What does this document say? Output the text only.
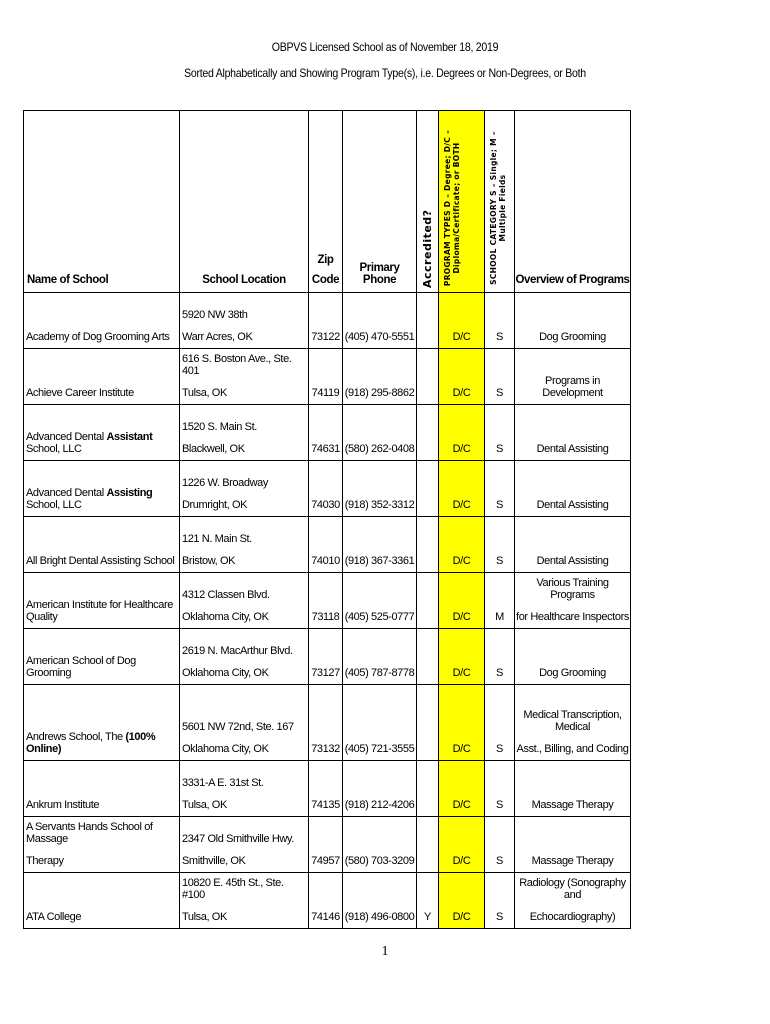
OBPVS Licensed School as of November 18, 2019
Sorted Alphabetically and Showing Program Type(s), i.e. Degrees or Non-Degrees, or Both
Name of School	School Location	Zip
Code	Primary Phone	Accredited?	PROGRAM TYPES D – Degree; D/C – Diploma/Certificate; or BOTH	SCHOOL CATEGORY S – Single; M – Multiple Fields	Overview of Programs
Academy of Dog Grooming Arts	5920 NW 38th
Warr Acres, OK	73122	(405) 470-5551		D/C	S	Dog Grooming

Achieve Career Institute	616 S. Boston Ave., Ste. 401
Tulsa, OK	74119	(918) 295-8862		D/C	S	Programs in Development

Advanced Dental Assistant School, LLC	1520 S. Main St.
Blackwell, OK	74631	(580) 262-0408		D/C	S	Dental Assisting

Advanced Dental Assisting School, LLC	1226 W. Broadway
Drumright, OK	74030	(918) 352-3312		D/C	S	Dental Assisting

All Bright Dental Assisting School	121 N. Main St.
Bristow, OK	74010	(918) 367-3361		D/C	S	Dental Assisting

American Institute for Healthcare Quality	4312 Classen Blvd.
Oklahoma City, OK	73118	(405) 525-0777		D/C	M	Various Training Programs
for Healthcare Inspectors

American School of Dog Grooming	2619 N. MacArthur Blvd.
Oklahoma City, OK	73127	(405) 787-8778		D/C	S	Dog Grooming

Andrews School, The (100% Online)	5601 NW 72nd, Ste. 167
Oklahoma City, OK	73132	(405) 721-3555		D/C	S	Medical Transcription, Medical
Asst., Billing, and Coding

Ankrum Institute	3331-A E. 31st St.
Tulsa, OK	74135	(918) 212-4206		D/C	S	Massage Therapy

A Servants Hands School of Massage
Therapy	2347 Old Smithville Hwy.
Smithville, OK	74957	(580) 703-3209		D/C	S	Massage Therapy

ATA College	10820 E. 45th St., Ste. #100
Tulsa, OK	74146	(918) 496-0800	Y	D/C	S	Radiology (Sonography and
Echocardiography)
1
